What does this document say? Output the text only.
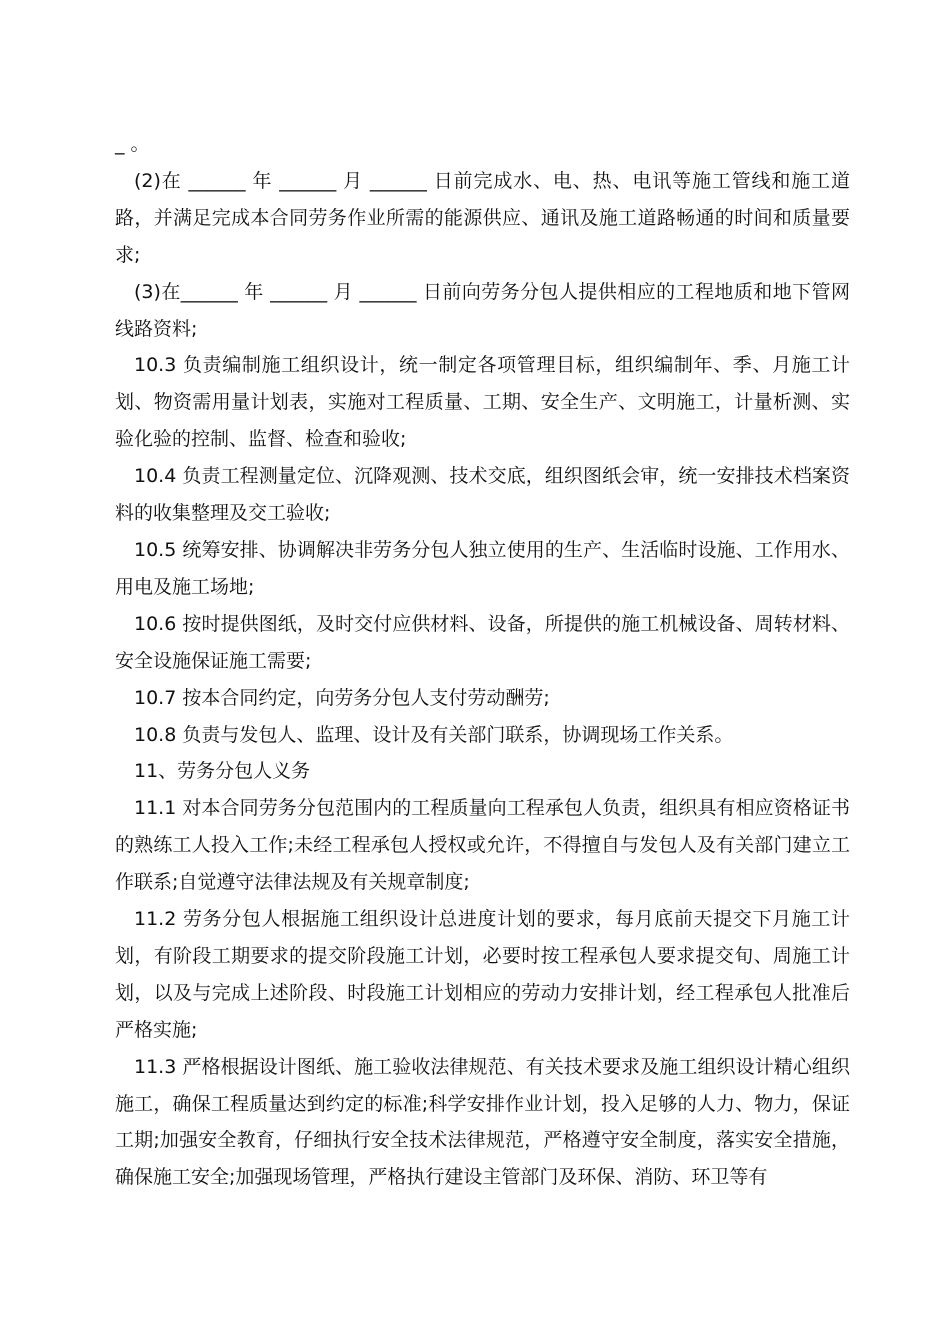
_ 。

(2)在 ______ 年 ______ 月 ______ 日前完成水、电、热、电讯等施工管线和施工道路，并满足完成本合同劳务作业所需的能源供应、通讯及施工道路畅通的时间和质量要求;

(3)在______ 年 ______ 月 ______ 日前向劳务分包人提供相应的工程地质和地下管网线路资料;

10.3 负责编制施工组织设计，统一制定各项管理目标，组织编制年、季、月施工计划、物资需用量计划表，实施对工程质量、工期、安全生产、文明施工，计量析测、实验化验的控制、监督、检查和验收;

10.4 负责工程测量定位、沉降观测、技术交底，组织图纸会审，统一安排技术档案资料的收集整理及交工验收;

10.5 统筹安排、协调解决非劳务分包人独立使用的生产、生活临时设施、工作用水、用电及施工场地;

10.6 按时提供图纸，及时交付应供材料、设备，所提供的施工机械设备、周转材料、安全设施保证施工需要;

10.7 按本合同约定，向劳务分包人支付劳动酬劳;

10.8 负责与发包人、监理、设计及有关部门联系，协调现场工作关系。

11、劳务分包人义务

11.1 对本合同劳务分包范围内的工程质量向工程承包人负责，组织具有相应资格证书的熟练工人投入工作;未经工程承包人授权或允许，不得擅自与发包人及有关部门建立工作联系;自觉遵守法律法规及有关规章制度;

11.2 劳务分包人根据施工组织设计总进度计划的要求，每月底前天提交下月施工计划，有阶段工期要求的提交阶段施工计划，必要时按工程承包人要求提交旬、周施工计划，以及与完成上述阶段、时段施工计划相应的劳动力安排计划，经工程承包人批准后严格实施;

11.3 严格根据设计图纸、施工验收法律规范、有关技术要求及施工组织设计精心组织施工，确保工程质量达到约定的标准;科学安排作业计划，投入足够的人力、物力，保证工期;加强安全教育，仔细执行安全技术法律规范，严格遵守安全制度，落实安全措施，确保施工安全;加强现场管理，严格执行建设主管部门及环保、消防、环卫等有
